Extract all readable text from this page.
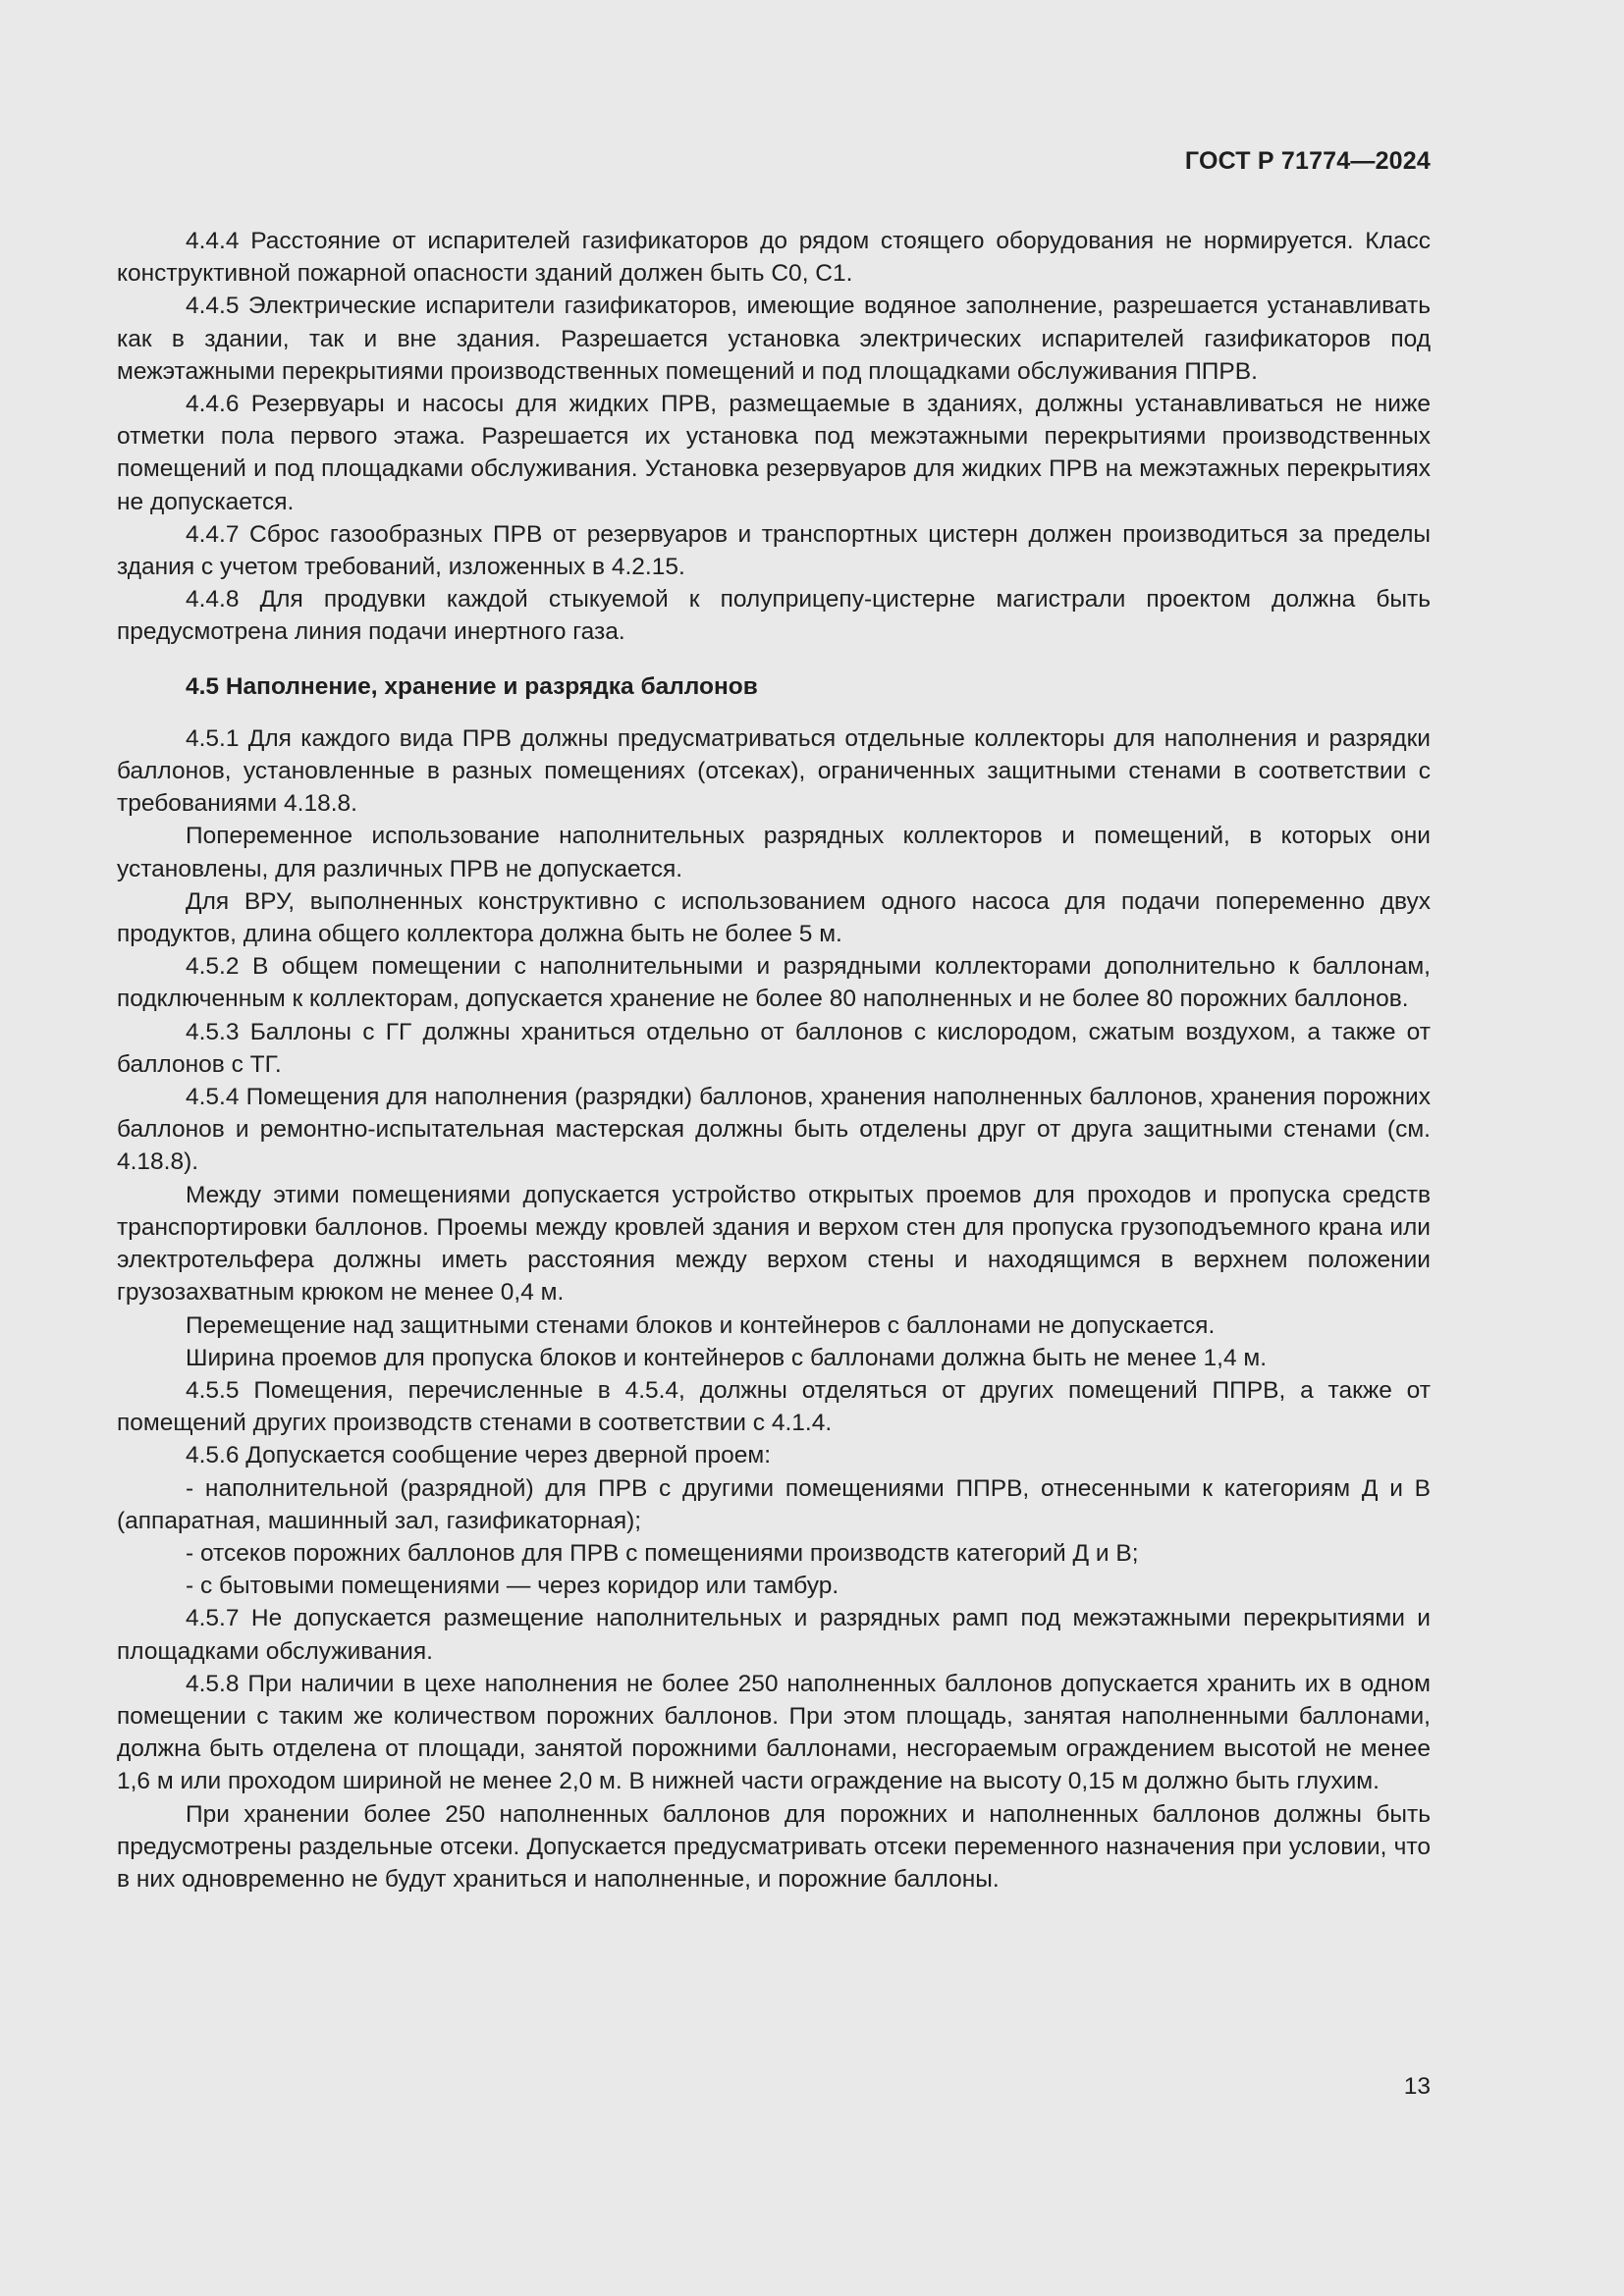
ГОСТ Р 71774—2024

4.4.4 Расстояние от испарителей газификаторов до рядом стоящего оборудования не нормируется. Класс конструктивной пожарной опасности зданий должен быть С0, С1.

4.4.5 Электрические испарители газификаторов, имеющие водяное заполнение, разрешается устанавливать как в здании, так и вне здания. Разрешается установка электрических испарителей газификаторов под межэтажными перекрытиями производственных помещений и под площадками обслуживания ППРВ.

4.4.6 Резервуары и насосы для жидких ПРВ, размещаемые в зданиях, должны устанавливаться не ниже отметки пола первого этажа. Разрешается их установка под межэтажными перекрытиями производственных помещений и под площадками обслуживания. Установка резервуаров для жидких ПРВ на межэтажных перекрытиях не допускается.

4.4.7 Сброс газообразных ПРВ от резервуаров и транспортных цистерн должен производиться за пределы здания с учетом требований, изложенных в 4.2.15.

4.4.8 Для продувки каждой стыкуемой к полуприцепу-цистерне магистрали проектом должна быть предусмотрена линия подачи инертного газа.

4.5 Наполнение, хранение и разрядка баллонов

4.5.1 Для каждого вида ПРВ должны предусматриваться отдельные коллекторы для наполнения и разрядки баллонов, установленные в разных помещениях (отсеках), ограниченных защитными стенами в соответствии с требованиями 4.18.8.

Попеременное использование наполнительных разрядных коллекторов и помещений, в которых они установлены, для различных ПРВ не допускается.

Для ВРУ, выполненных конструктивно с использованием одного насоса для подачи попеременно двух продуктов, длина общего коллектора должна быть не более 5 м.

4.5.2 В общем помещении с наполнительными и разрядными коллекторами дополнительно к баллонам, подключенным к коллекторам, допускается хранение не более 80 наполненных и не более 80 порожних баллонов.

4.5.3 Баллоны с ГГ должны храниться отдельно от баллонов с кислородом, сжатым воздухом, а также от баллонов с ТГ.

4.5.4 Помещения для наполнения (разрядки) баллонов, хранения наполненных баллонов, хранения порожних баллонов и ремонтно-испытательная мастерская должны быть отделены друг от друга защитными стенами (см. 4.18.8).

Между этими помещениями допускается устройство открытых проемов для проходов и пропуска средств транспортировки баллонов. Проемы между кровлей здания и верхом стен для пропуска грузоподъемного крана или электротельфера должны иметь расстояния между верхом стены и находящимся в верхнем положении грузозахватным крюком не менее 0,4 м.

Перемещение над защитными стенами блоков и контейнеров с баллонами не допускается.

Ширина проемов для пропуска блоков и контейнеров с баллонами должна быть не менее 1,4 м.

4.5.5 Помещения, перечисленные в 4.5.4, должны отделяться от других помещений ППРВ, а также от помещений других производств стенами в соответствии с 4.1.4.

4.5.6 Допускается сообщение через дверной проем:

- наполнительной (разрядной) для ПРВ с другими помещениями ППРВ, отнесенными к категориям Д и В (аппаратная, машинный зал, газификаторная);

- отсеков порожних баллонов для ПРВ с помещениями производств категорий Д и В;

- с бытовыми помещениями — через коридор или тамбур.

4.5.7 Не допускается размещение наполнительных и разрядных рамп под межэтажными перекрытиями и площадками обслуживания.

4.5.8 При наличии в цехе наполнения не более 250 наполненных баллонов допускается хранить их в одном помещении с таким же количеством порожних баллонов. При этом площадь, занятая наполненными баллонами, должна быть отделена от площади, занятой порожними баллонами, несгораемым ограждением высотой не менее 1,6 м или проходом шириной не менее 2,0 м. В нижней части ограждение на высоту 0,15 м должно быть глухим.

При хранении более 250 наполненных баллонов для порожних и наполненных баллонов должны быть предусмотрены раздельные отсеки. Допускается предусматривать отсеки переменного назначения при условии, что в них одновременно не будут храниться и наполненные, и порожние баллоны.

13
